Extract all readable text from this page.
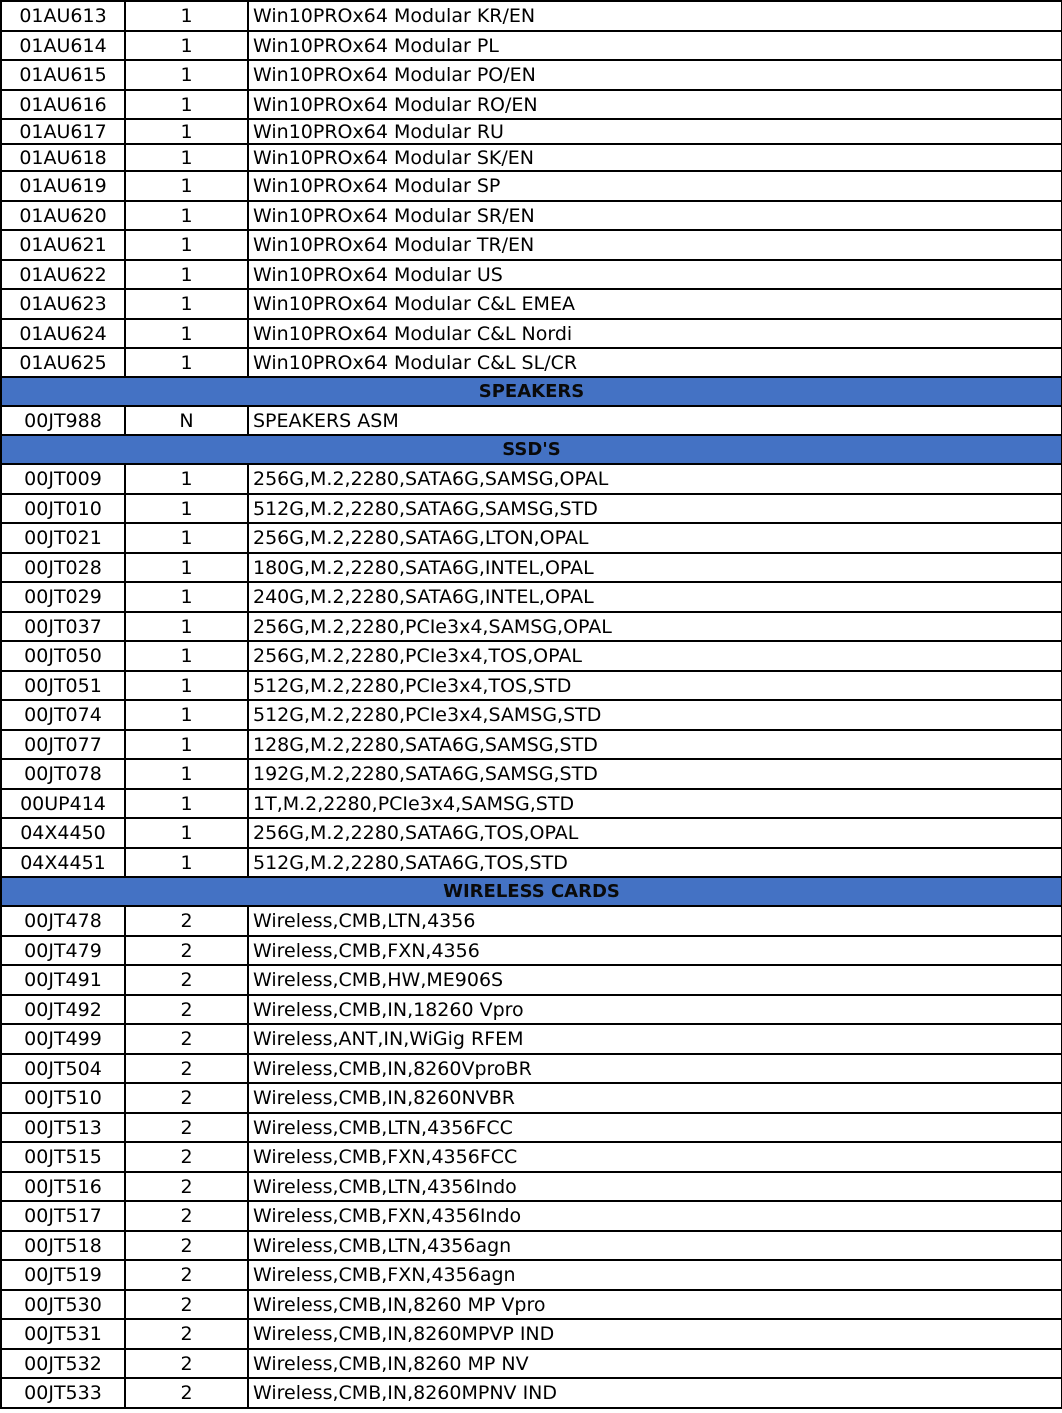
01AU613	1	Win10PROx64 Modular KR/EN
01AU614	1	Win10PROx64 Modular PL
01AU615	1	Win10PROx64 Modular PO/EN
01AU616	1	Win10PROx64 Modular RO/EN
01AU617	1	Win10PROx64 Modular RU
01AU618	1	Win10PROx64 Modular SK/EN
01AU619	1	Win10PROx64 Modular SP
01AU620	1	Win10PROx64 Modular SR/EN
01AU621	1	Win10PROx64 Modular TR/EN
01AU622	1	Win10PROx64 Modular US
01AU623	1	Win10PROx64 Modular C&L EMEA
01AU624	1	Win10PROx64 Modular C&L Nordi
01AU625	1	Win10PROx64 Modular C&L SL/CR
SPEAKERS		
00JT988	N	SPEAKERS ASM
SSD'S		
00JT009	1	256G,M.2,2280,SATA6G,SAMSG,OPAL
00JT010	1	512G,M.2,2280,SATA6G,SAMSG,STD
00JT021	1	256G,M.2,2280,SATA6G,LTON,OPAL
00JT028	1	180G,M.2,2280,SATA6G,INTEL,OPAL
00JT029	1	240G,M.2,2280,SATA6G,INTEL,OPAL
00JT037	1	256G,M.2,2280,PCIe3x4,SAMSG,OPAL
00JT050	1	256G,M.2,2280,PCIe3x4,TOS,OPAL
00JT051	1	512G,M.2,2280,PCIe3x4,TOS,STD
00JT074	1	512G,M.2,2280,PCIe3x4,SAMSG,STD
00JT077	1	128G,M.2,2280,SATA6G,SAMSG,STD
00JT078	1	192G,M.2,2280,SATA6G,SAMSG,STD
00UP414	1	1T,M.2,2280,PCIe3x4,SAMSG,STD
04X4450	1	256G,M.2,2280,SATA6G,TOS,OPAL
04X4451	1	512G,M.2,2280,SATA6G,TOS,STD
WIRELESS CARDS		
00JT478	2	Wireless,CMB,LTN,4356
00JT479	2	Wireless,CMB,FXN,4356
00JT491	2	Wireless,CMB,HW,ME906S
00JT492	2	Wireless,CMB,IN,18260 Vpro
00JT499	2	Wireless,ANT,IN,WiGig RFEM
00JT504	2	Wireless,CMB,IN,8260VproBR
00JT510	2	Wireless,CMB,IN,8260NVBR
00JT513	2	Wireless,CMB,LTN,4356FCC
00JT515	2	Wireless,CMB,FXN,4356FCC
00JT516	2	Wireless,CMB,LTN,4356Indo
00JT517	2	Wireless,CMB,FXN,4356Indo
00JT518	2	Wireless,CMB,LTN,4356agn
00JT519	2	Wireless,CMB,FXN,4356agn
00JT530	2	Wireless,CMB,IN,8260 MP Vpro
00JT531	2	Wireless,CMB,IN,8260MPVP IND
00JT532	2	Wireless,CMB,IN,8260 MP NV
00JT533	2	Wireless,CMB,IN,8260MPNV IND
